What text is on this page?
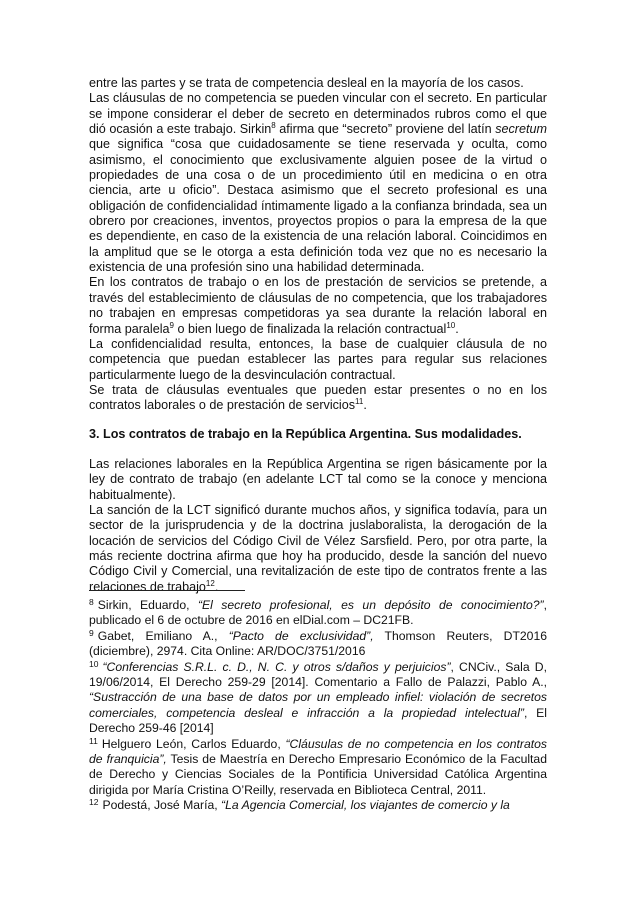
entre las partes y se trata de competencia desleal en la mayoría de los casos.

Las cláusulas de no competencia se pueden vincular con el secreto. En particular se impone considerar el deber de secreto en determinados rubros como el que dió ocasión a este trabajo. Sirkin$^8$ afirma que “secreto” proviene del latín secretum que significa “cosa que cuidadosamente se tiene reservada y oculta, como asimismo, el conocimiento que exclusivamente alguien posee de la virtud o propiedades de una cosa o de un procedimiento útil en medicina o en otra ciencia, arte u oficio”. Destaca asimismo que el secreto profesional es una obligación de confidencialidad íntimamente ligado a la confianza brindada, sea un obrero por creaciones, inventos, proyectos propios o para la empresa de la que es dependiente, en caso de la existencia de una relación laboral. Coincidimos en la amplitud que se le otorga a esta definición toda vez que no es necesario la existencia de una profesión sino una habilidad determinada.

En los contratos de trabajo o en los de prestación de servicios se pretende, a través del establecimiento de cláusulas de no competencia, que los trabajadores no trabajen en empresas competidoras ya sea durante la relación laboral en forma paralela$^9$ o bien luego de finalizada la relación contractual$^{10}$.

La confidencialidad resulta, entonces, la base de cualquier cláusula de no competencia que puedan establecer las partes para regular sus relaciones particularmente luego de la desvinculación contractual.

Se trata de cláusulas eventuales que pueden estar presentes o no en los contratos laborales o de prestación de servicios$^{11}$.

3. Los contratos de trabajo en la República Argentina. Sus modalidades.

Las relaciones laborales en la República Argentina se rigen básicamente por la ley de contrato de trabajo (en adelante LCT tal como se la conoce y menciona habitualmente).

La sanción de la LCT significó durante muchos años, y significa todavía, para un sector de la jurisprudencia y de la doctrina juslaboralista, la derogación de la locación de servicios del Código Civil de Vélez Sarsfield. Pero, por otra parte, la más reciente doctrina afirma que hoy ha producido, desde la sanción del nuevo Código Civil y Comercial, una revitalización de este tipo de contratos frente a las relaciones de trabajo$^{12}$.

$^8$ Sirkin, Eduardo, “El secreto profesional, es un depósito de conocimiento?”, publicado el 6 de octubre de 2016 en elDial.com – DC21FB.

$^9$ Gabet, Emiliano A., “Pacto de exclusividad”, Thomson Reuters, DT2016 (diciembre), 2974. Cita Online: AR/DOC/3751/2016

$^{10}$ “Conferencias S.R.L. c. D., N. C. y otros s/daños y perjuicios”, CNCiv., Sala D, 19/06/2014, El Derecho 259-29 [2014]. Comentario a Fallo de Palazzi, Pablo A., “Sustracción de una base de datos por un empleado infiel: violación de secretos comerciales, competencia desleal e infracción a la propiedad intelectual”, El Derecho 259-46 [2014]

$^{11}$ Helguero León, Carlos Eduardo, “Cláusulas de no competencia en los contratos de franquicia”, Tesis de Maestría en Derecho Empresario Económico de la Facultad de Derecho y Ciencias Sociales de la Pontificia Universidad Católica Argentina dirigida por María Cristina O’Reilly, reservada en Biblioteca Central, 2011.

$^{12}$ Podestá, José María, “La Agencia Comercial, los viajantes de comercio y la
